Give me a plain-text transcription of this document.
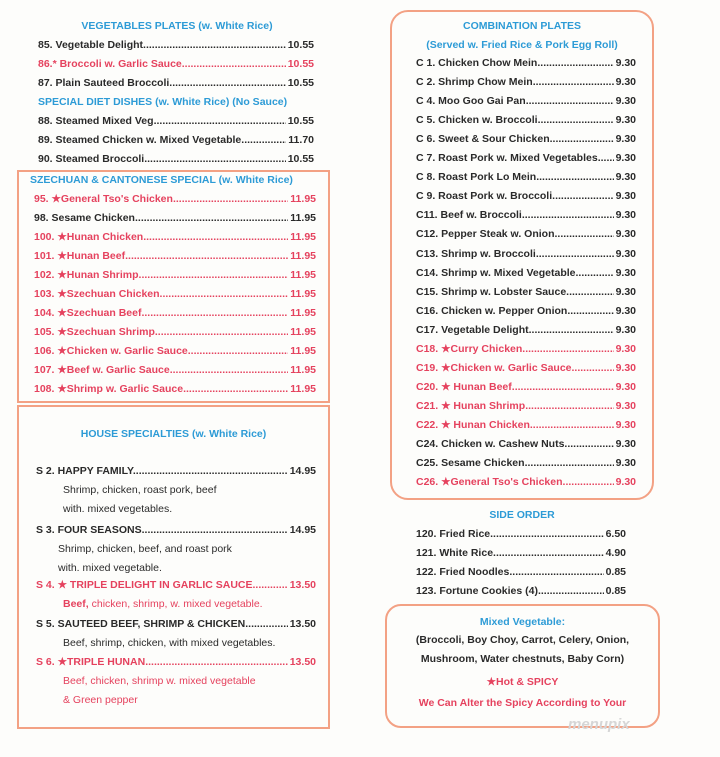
VEGETABLES PLATES (w. White Rice)
85. Vegetable Delight .....	10.55
86.* Broccoli w. Garlic Sauce .....	10.55
87. Plain Sauteed Broccoli .....	10.55
SPECIAL DIET DISHES (w. White Rice) (No Sauce)
88. Steamed Mixed Veg .....	10.55
89. Steamed Chicken w. Mixed Vegetable .....	11.70
90. Steamed Broccoli .....	10.55
SZECHUAN & CANTONESE SPECIAL (w. White Rice)
95. ★General Tso's Chicken .....	11.95
98. Sesame Chicken .....	11.95
100. ★Hunan Chicken .....	11.95
101. ★Hunan Beef .....	11.95
102. ★Hunan Shrimp .....	11.95
103. ★Szechuan Chicken .....	11.95
104. ★Szechuan Beef .....	11.95
105. ★Szechuan Shrimp .....	11.95
106. ★Chicken w. Garlic Sauce .....	11.95
107. ★Beef w. Garlic Sauce .....	11.95
108. ★Shrimp w. Garlic Sauce .....	11.95
HOUSE SPECIALTIES (w. White Rice)
S 2. HAPPY FAMILY .....	14.95
Shrimp, chicken, roast pork, beef
with. mixed vegetables.
S 3. FOUR SEASONS .....	14.95
Shrimp, chicken, beef, and roast pork
with. mixed vegetable.
S 4. ★ TRIPLE DELIGHT IN GARLIC SAUCE .....	13.50
Beef, chicken, shrimp, w. mixed vegetable.
S 5. SAUTEED BEEF, SHRIMP & CHICKEN .....	13.50
Beef, shrimp, chicken, with mixed vegetables.
S 6. ★TRIPLE HUNAN .....	13.50
Beef, chicken, shrimp w. mixed vegetable
& Green pepper
COMBINATION PLATES
(Served w. Fried Rice & Pork Egg Roll)
C 1. Chicken Chow Mein .....	9.30
C 2. Shrimp Chow Mein .....	9.30
C 4. Moo Goo Gai Pan .....	9.30
C 5. Chicken w. Broccoli .....	9.30
C 6. Sweet & Sour Chicken .....	9.30
C 7. Roast Pork w. Mixed Vegetables .....	9.30
C 8. Roast Pork Lo Mein .....	9.30
C 9. Roast Pork w. Broccoli .....	9.30
C11. Beef w. Broccoli .....	9.30
C12. Pepper Steak w. Onion .....	9.30
C13. Shrimp w. Broccoli .....	9.30
C14. Shrimp w. Mixed Vegetable .....	9.30
C15. Shrimp w. Lobster Sauce .....	9.30
C16. Chicken w. Pepper Onion .....	9.30
C17. Vegetable Delight .....	9.30
C18. ★Curry Chicken .....	9.30
C19. ★Chicken w. Garlic Sauce .....	9.30
C20. ★ Hunan Beef .....	9.30
C21. ★ Hunan Shrimp .....	9.30
C22. ★ Hunan Chicken .....	9.30
C24. Chicken w. Cashew Nuts .....	9.30
C25. Sesame Chicken .....	9.30
C26. ★General Tso's Chicken .....	9.30
SIDE ORDER
120. Fried Rice .....	6.50
121. White Rice .....	4.90
122. Fried Noodles .....	0.85
123. Fortune Cookies (4) .....	0.85
Mixed Vegetable:
(Broccoli, Boy Choy, Carrot, Celery, Onion,
Mushroom, Water chestnuts, Baby Corn)
★Hot & SPICY
We Can Alter the Spicy According to Your
menupix
